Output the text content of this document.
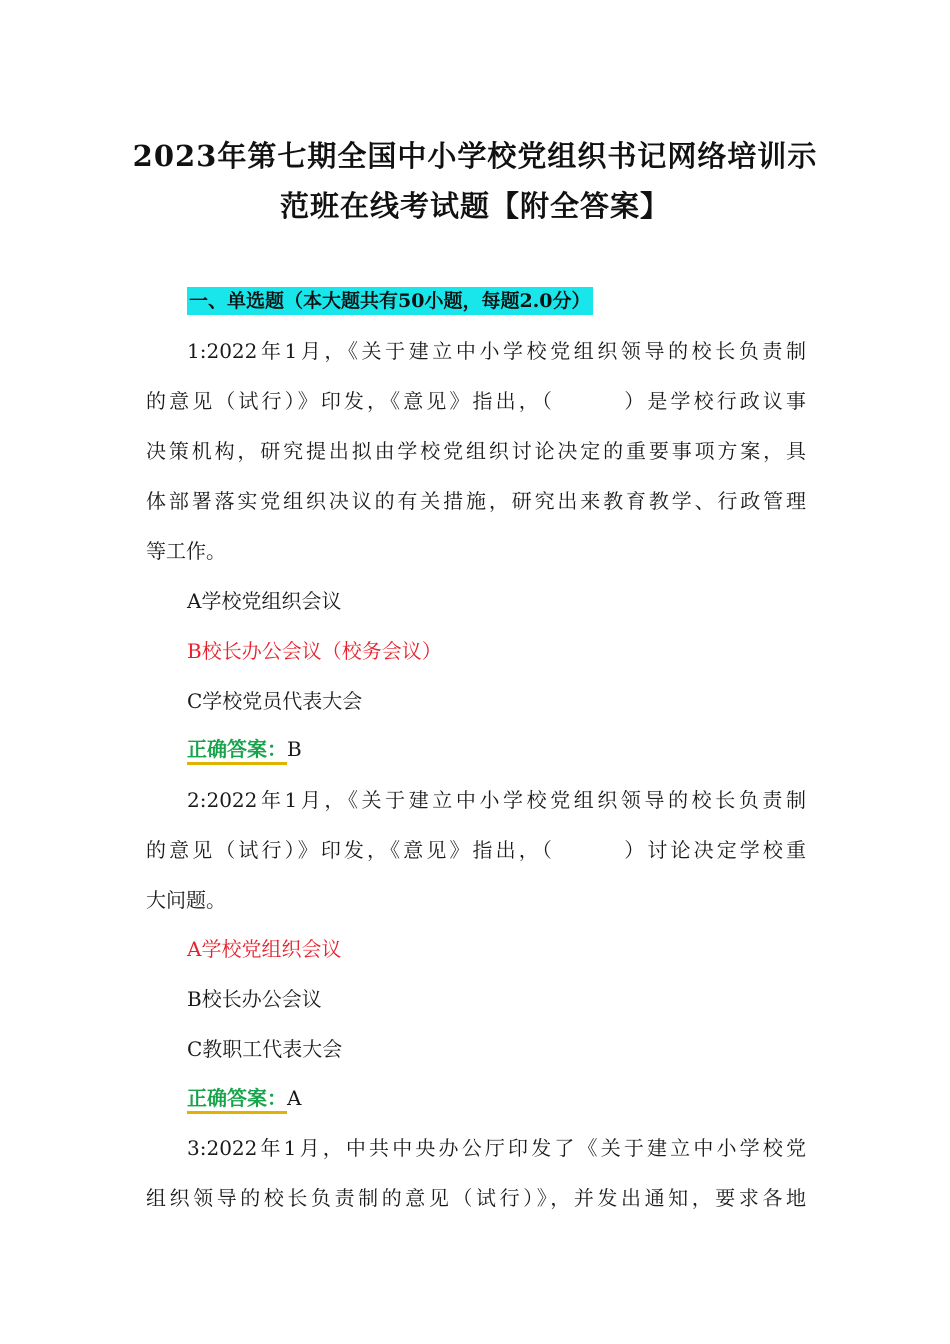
2023年第七期全国中小学校党组织书记网络培训示
范班在线考试题【附全答案】
一、单选题（本大题共有50小题，每题2.0分）
1:2022年1月，《关于建立中小学校党组织领导的校长负责制
的意见（试行）》印发，《意见》指出，（　　　）是学校行政议事
决策机构，研究提出拟由学校党组织讨论决定的重要事项方案，具
体部署落实党组织决议的有关措施，研究出来教育教学、行政管理
等工作。
A学校党组织会议
B校长办公会议（校务会议）
C学校党员代表大会
正确答案：B
2:2022年1月，《关于建立中小学校党组织领导的校长负责制
的意见（试行）》印发，《意见》指出，（　　　）讨论决定学校重
大问题。
A学校党组织会议
B校长办公会议
C教职工代表大会
正确答案：A
3:2022年1月，中共中央办公厅印发了《关于建立中小学校党
组织领导的校长负责制的意见（试行）》，并发出通知，要求各地
